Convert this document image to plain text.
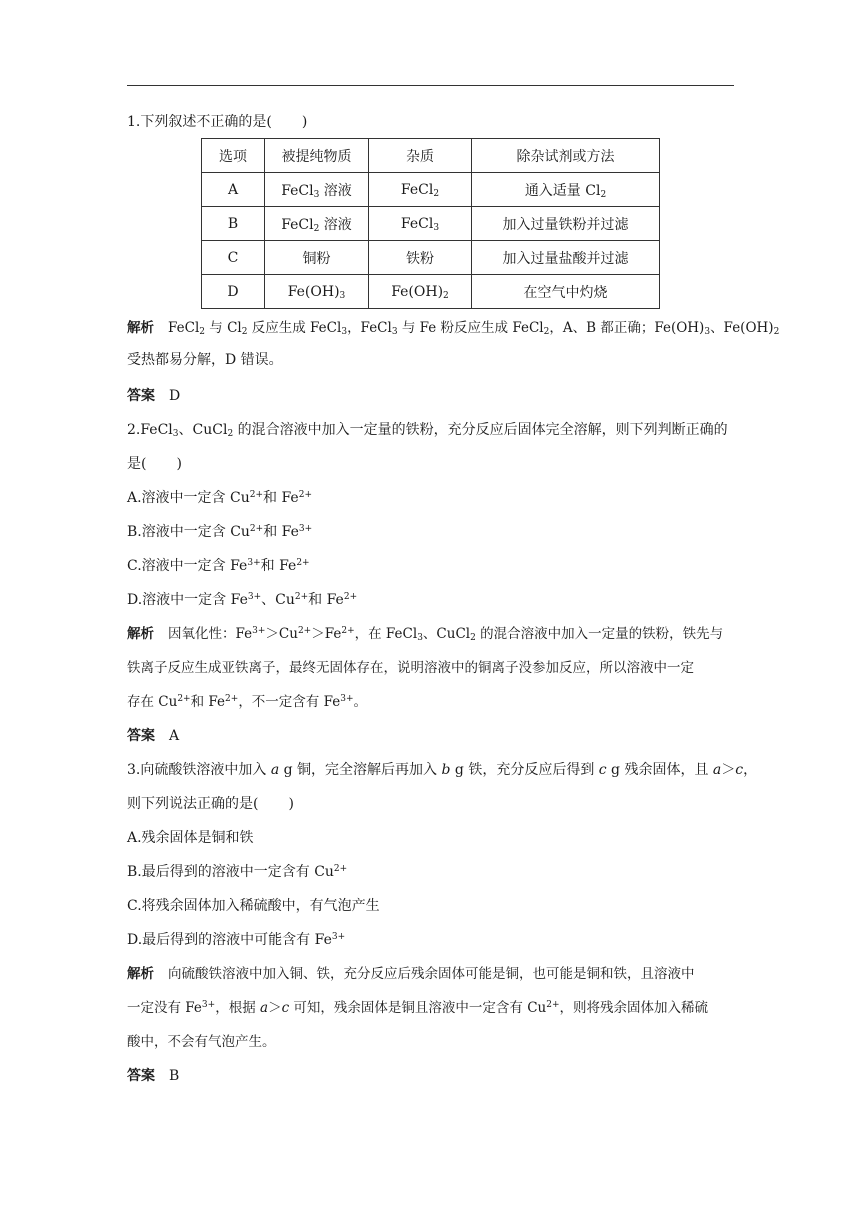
1.下列叙述不正确的是( )
选项	被提纯物质	杂质	除杂试剂或方法
A	FeCl$_3$ 溶液	FeCl$_2$	通入适量 $Cl_2$
B	FeCl$_2$ 溶液	FeCl$_3$	加入过量铁粉并过滤
C	铜粉	铁粉	加入过量盐酸并过滤
D	$Fe(OH)_3$	$Fe(OH)_2$	在空气中灼烧
解析 FeCl$_2$ 与 $Cl_2$ 反应生成 FeCl$_3$，FeCl$_3$ 与 Fe 粉反应生成 FeCl$_2$，A、B 都正确；$Fe(OH)_3$、$Fe(OH)_2$
受热都易分解，D 错误。
答案 D
2.FeCl$_3$、CuCl$_2$ 的混合溶液中加入一定量的铁粉，充分反应后固体完全溶解，则下列判断正确的
是( )
A.溶液中一定含 $Cu^{2+}$和 $Fe^{2+}$
B.溶液中一定含 $Cu^{2+}$和 $Fe^{3+}$
C.溶液中一定含 $Fe^{3+}$和 $Fe^{2+}$
D.溶液中一定含 $Fe^{3+}$、$Cu^{2+}$和 $Fe^{2+}$
解析 因氧化性：$Fe^{3+}>Cu^{2+}>Fe^{2+}$，在 FeCl$_3$、CuCl$_2$ 的混合溶液中加入一定量的铁粉，铁先与
铁离子反应生成亚铁离子，最终无固体存在，说明溶液中的铜离子没参加反应，所以溶液中一定
存在 $Cu^{2+}$和 $Fe^{2+}$，不一定含有 $Fe^{3+}$。
答案 A
3.向硫酸铁溶液中加入 a g 铜，完全溶解后再加入 b g 铁，充分反应后得到 c g 残余固体，且 a＞c，
则下列说法正确的是( )
A.残余固体是铜和铁
B.最后得到的溶液中一定含有 $Cu^{2+}$
C.将残余固体加入稀硫酸中，有气泡产生
D.最后得到的溶液中可能含有 $Fe^{3+}$
解析 向硫酸铁溶液中加入铜、铁，充分反应后残余固体可能是铜，也可能是铜和铁，且溶液中
一定没有 $Fe^{3+}$，根据 a＞c 可知，残余固体是铜且溶液中一定含有 $Cu^{2+}$，则将残余固体加入稀硫
酸中，不会有气泡产生。
答案 B
